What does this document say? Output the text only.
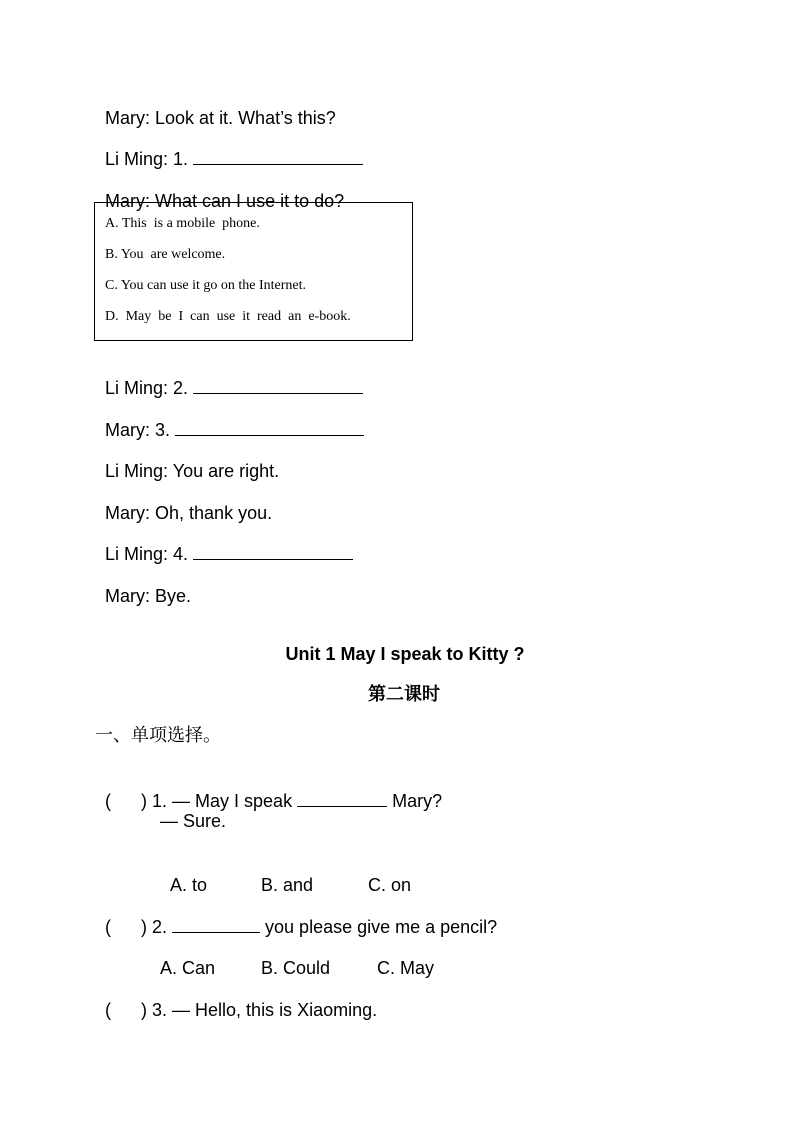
Mary: Look at it. What’s this?

Li Ming: 1.

Mary: What can I use it to do?

A. This  is a mobile  phone.
B. You  are welcome.
C. You can use it go on the Internet.
D.  May  be  I  can  use  it  read  an  e-book.

Li Ming: 2.

Mary: 3.

Li Ming: You are right.

Mary: Oh, thank you.

Li Ming: 4.

Mary: Bye.

Unit 1 May I speak to Kitty ?
第二课时
一、单项选择。

(      ) 1. — May I speak	Mary?

— Sure.

A. to	B. and	C. on

(      ) 2.	you please give me a pencil?

A. Can	B. Could	C. May

(      ) 3. — Hello, this is Xiaoming.
